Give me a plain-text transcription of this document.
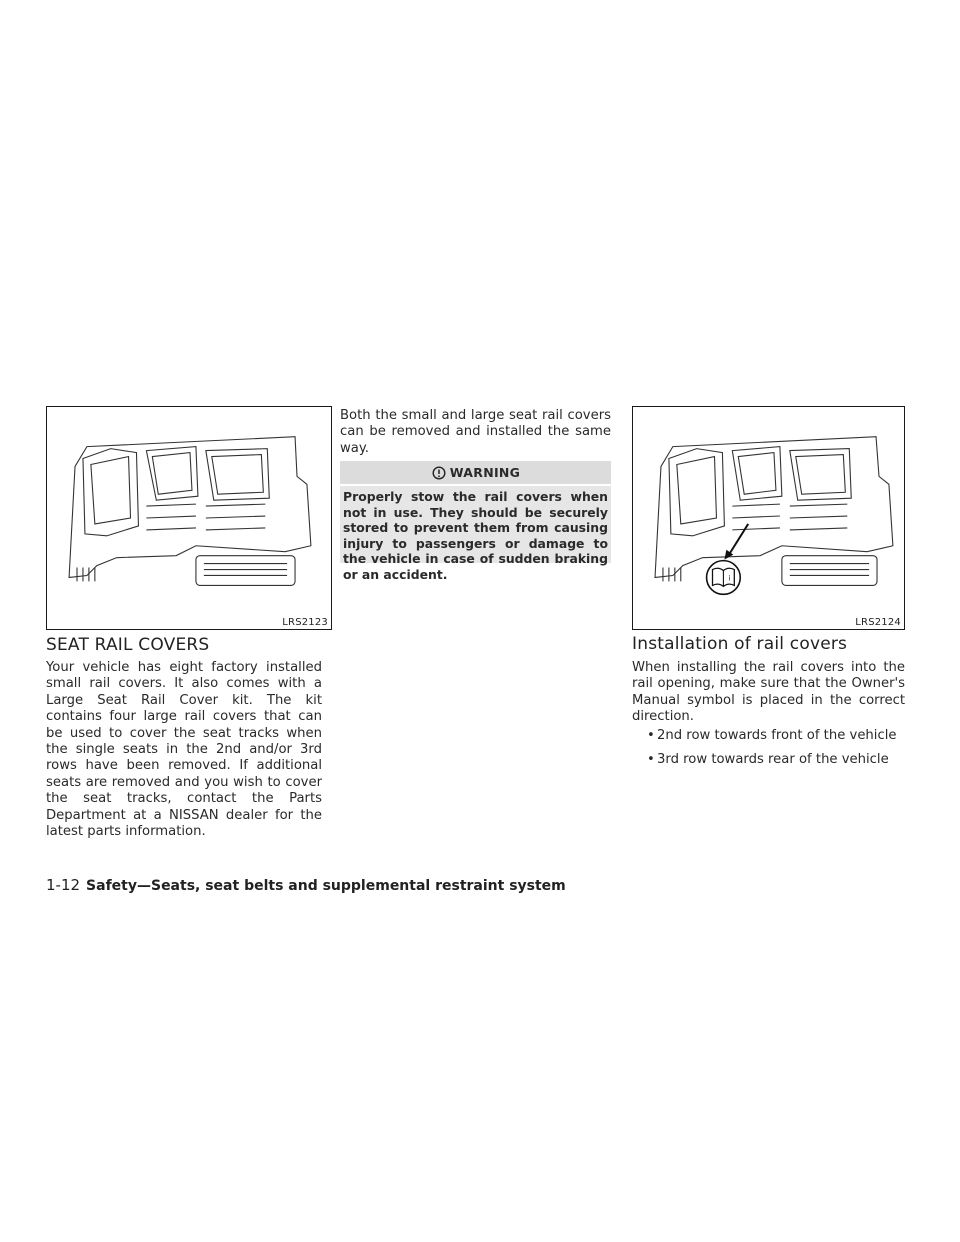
LRS2123
SEAT RAIL COVERS
Your vehicle has eight factory installed small rail covers. It also comes with a Large Seat Rail Cover kit. The kit contains four large rail covers that can be used to cover the seat tracks when the single seats in the 2nd and/or 3rd rows have been removed. If additional seats are removed and you wish to cover the seat tracks, contact the Parts Department at a NISSAN dealer for the latest parts information.
Both the small and large seat rail covers can be removed and installed the same way.
WARNING
Properly stow the rail covers when not in use. They should be securely stored to prevent them from causing injury to passengers or damage to the vehicle in case of sudden braking or an accident.	i
LRS2124
Installation of rail covers
When installing the rail covers into the rail opening, make sure that the Owner's Manual symbol is placed in the correct direction.
• 2nd row towards front of the vehicle
• 3rd row towards rear of the vehicle
1-12 Safety—Seats, seat belts and supplemental restraint system
